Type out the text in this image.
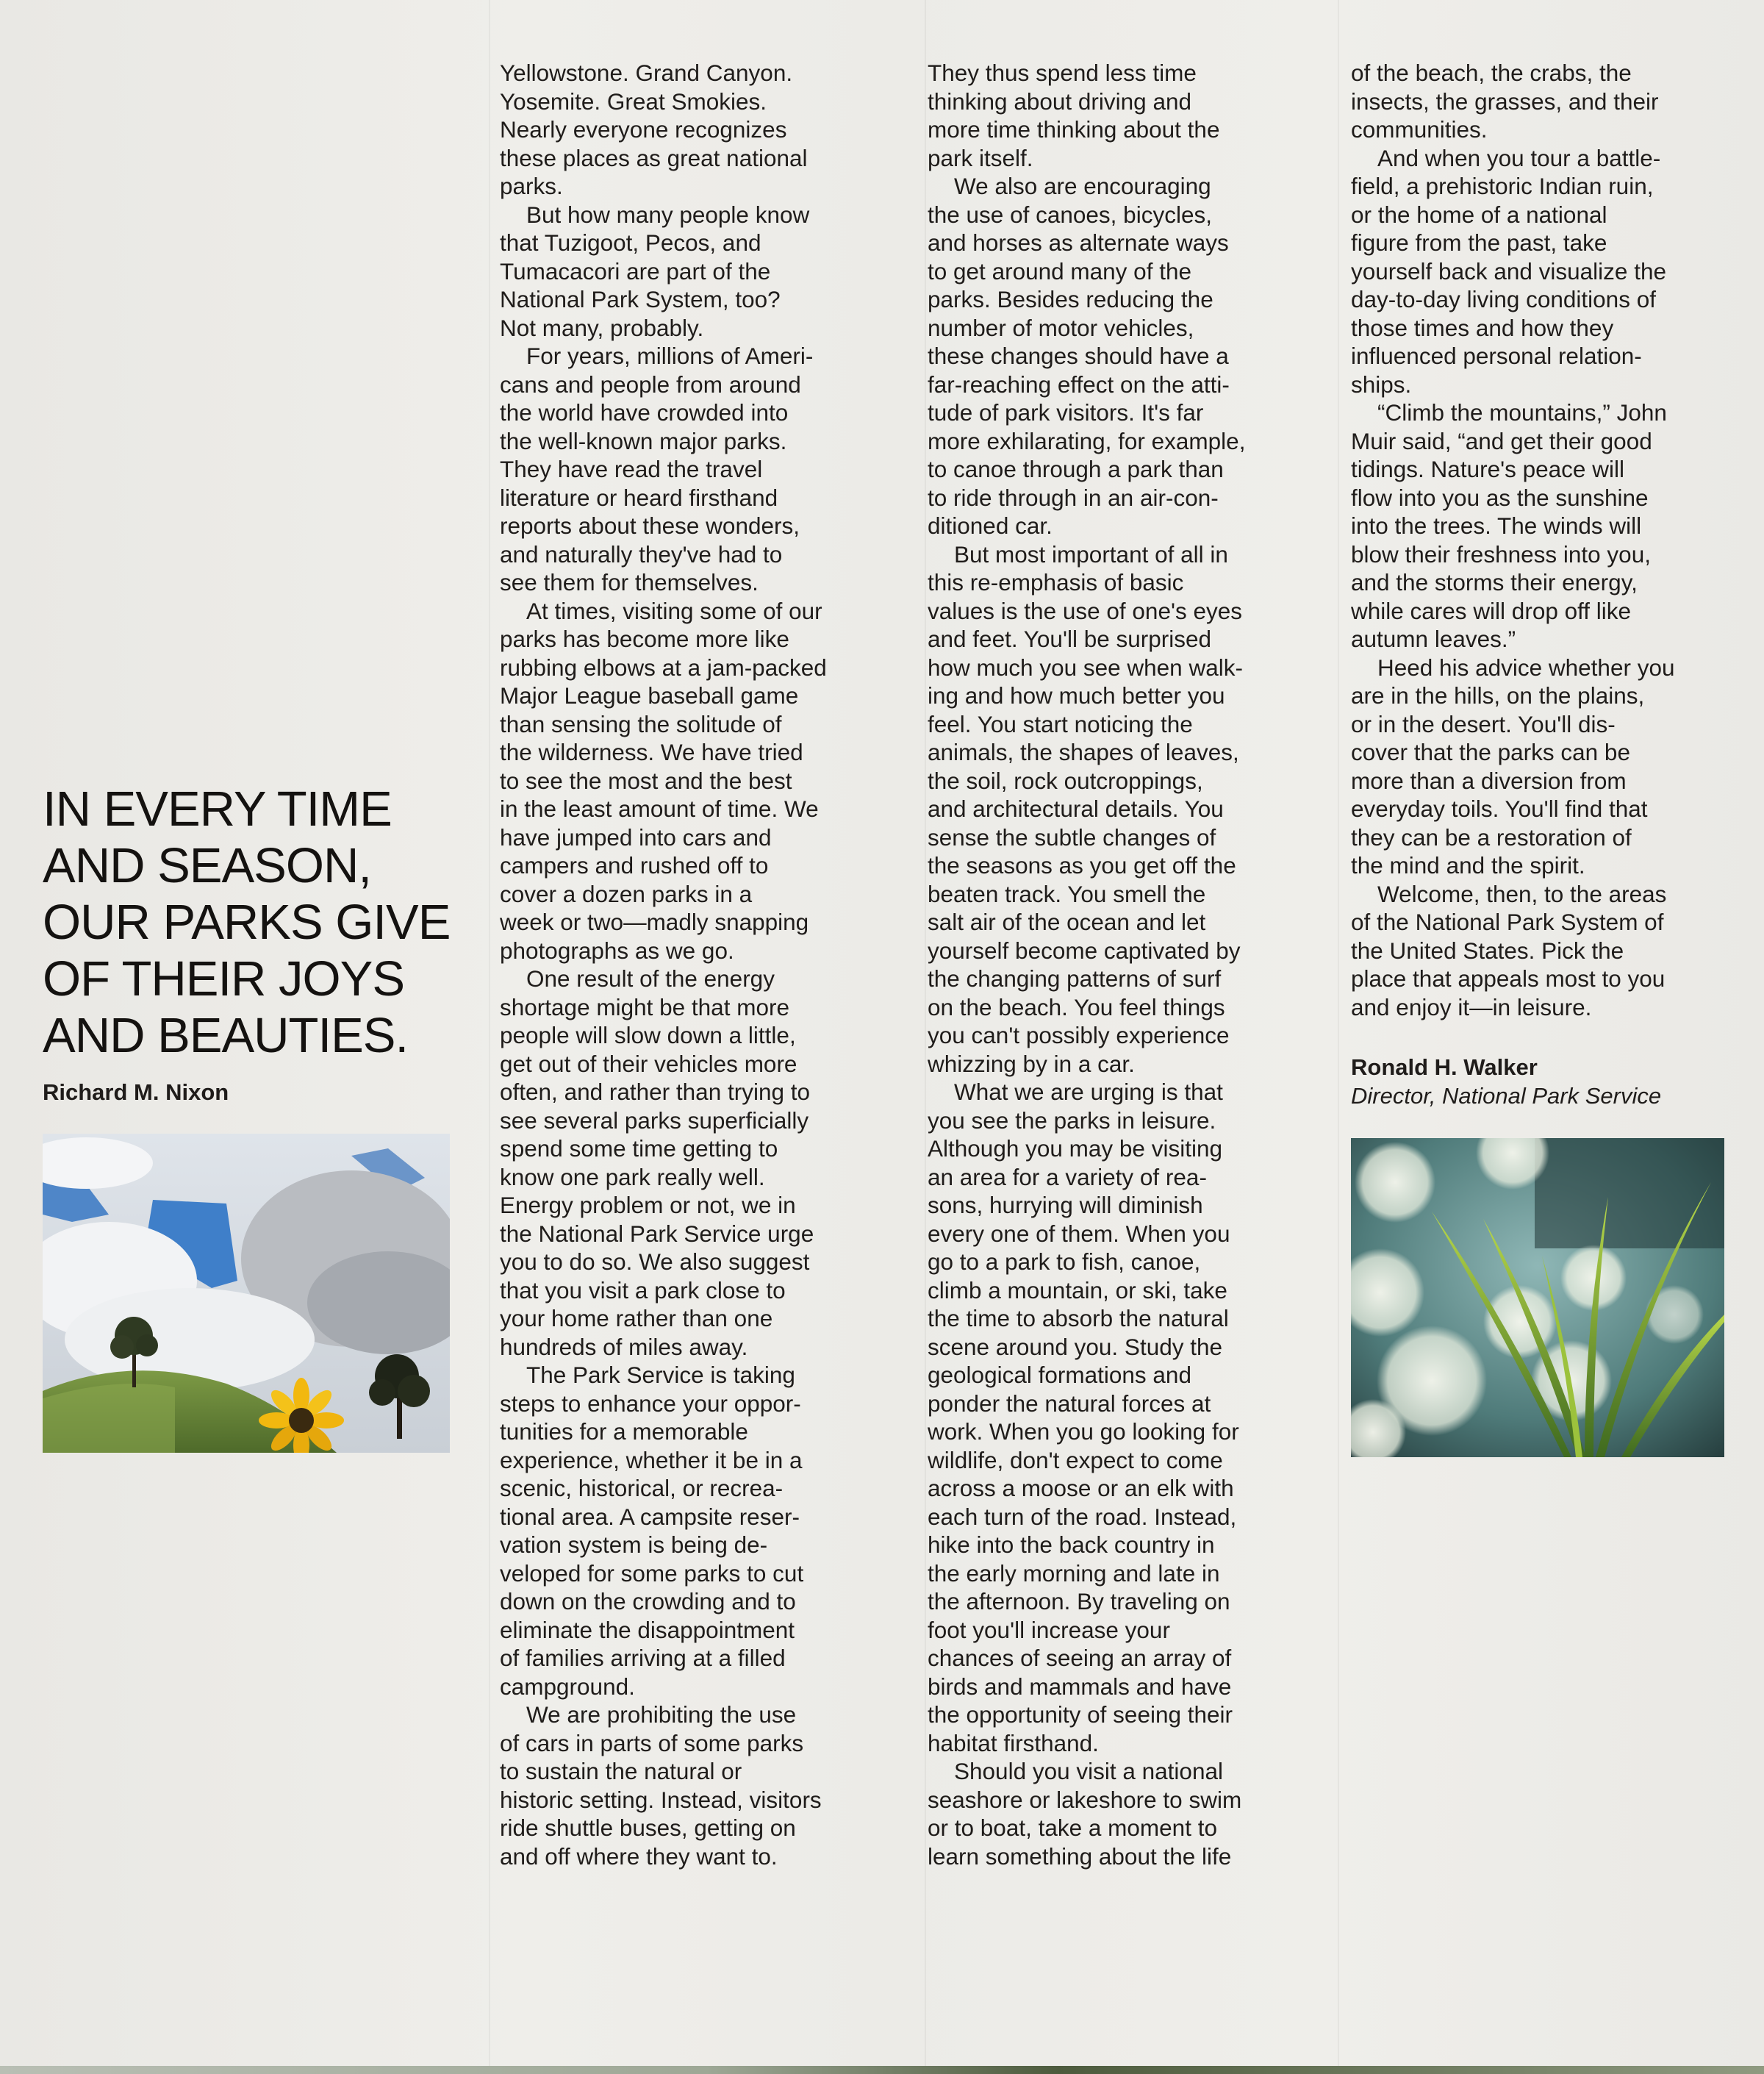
IN EVERY TIME
AND SEASON,
OUR PARKS GIVE
OF THEIR JOYS
AND BEAUTIES.
Richard M. Nixon

Yellowstone. Grand Canyon.
Yosemite. Great Smokies.
Nearly everyone recognizes
these places as great national
parks.

But how many people know
that Tuzigoot, Pecos, and
Tumacacori are part of the
National Park System, too?
Not many, probably.

For years, millions of Ameri-
cans and people from around
the world have crowded into
the well-known major parks.
They have read the travel
literature or heard firsthand
reports about these wonders,
and naturally they've had to
see them for themselves.

At times, visiting some of our
parks has become more like
rubbing elbows at a jam-packed
Major League baseball game
than sensing the solitude of
the wilderness. We have tried
to see the most and the best
in the least amount of time. We
have jumped into cars and
campers and rushed off to
cover a dozen parks in a
week or two—madly snapping
photographs as we go.

One result of the energy
shortage might be that more
people will slow down a little,
get out of their vehicles more
often, and rather than trying to
see several parks superficially
spend some time getting to
know one park really well.
Energy problem or not, we in
the National Park Service urge
you to do so. We also suggest
that you visit a park close to
your home rather than one
hundreds of miles away.

The Park Service is taking
steps to enhance your oppor-
tunities for a memorable
experience, whether it be in a
scenic, historical, or recrea-
tional area. A campsite reser-
vation system is being de-
veloped for some parks to cut
down on the crowding and to
eliminate the disappointment
of families arriving at a filled
campground.

We are prohibiting the use
of cars in parts of some parks
to sustain the natural or
historic setting. Instead, visitors
ride shuttle buses, getting on
and off where they want to.

They thus spend less time
thinking about driving and
more time thinking about the
park itself.

We also are encouraging
the use of canoes, bicycles,
and horses as alternate ways
to get around many of the
parks. Besides reducing the
number of motor vehicles,
these changes should have a
far-reaching effect on the atti-
tude of park visitors. It's far
more exhilarating, for example,
to canoe through a park than
to ride through in an air-con-
ditioned car.

But most important of all in
this re-emphasis of basic
values is the use of one's eyes
and feet. You'll be surprised
how much you see when walk-
ing and how much better you
feel. You start noticing the
animals, the shapes of leaves,
the soil, rock outcroppings,
and architectural details. You
sense the subtle changes of
the seasons as you get off the
beaten track. You smell the
salt air of the ocean and let
yourself become captivated by
the changing patterns of surf
on the beach. You feel things
you can't possibly experience
whizzing by in a car.

What we are urging is that
you see the parks in leisure.
Although you may be visiting
an area for a variety of rea-
sons, hurrying will diminish
every one of them. When you
go to a park to fish, canoe,
climb a mountain, or ski, take
the time to absorb the natural
scene around you. Study the
geological formations and
ponder the natural forces at
work. When you go looking for
wildlife, don't expect to come
across a moose or an elk with
each turn of the road. Instead,
hike into the back country in
the early morning and late in
the afternoon. By traveling on
foot you'll increase your
chances of seeing an array of
birds and mammals and have
the opportunity of seeing their
habitat firsthand.

Should you visit a national
seashore or lakeshore to swim
or to boat, take a moment to
learn something about the life

of the beach, the crabs, the
insects, the grasses, and their
communities.

And when you tour a battle-
field, a prehistoric Indian ruin,
or the home of a national
figure from the past, take
yourself back and visualize the
day-to-day living conditions of
those times and how they
influenced personal relation-
ships.

“Climb the mountains,” John
Muir said, “and get their good
tidings. Nature's peace will
flow into you as the sunshine
into the trees. The winds will
blow their freshness into you,
and the storms their energy,
while cares will drop off like
autumn leaves.”

Heed his advice whether you
are in the hills, on the plains,
or in the desert. You'll dis-
cover that the parks can be
more than a diversion from
everyday toils. You'll find that
they can be a restoration of
the mind and the spirit.

Welcome, then, to the areas
of the National Park System of
the United States. Pick the
place that appeals most to you
and enjoy it—in leisure.

Ronald H. Walker
Director, National Park Service
